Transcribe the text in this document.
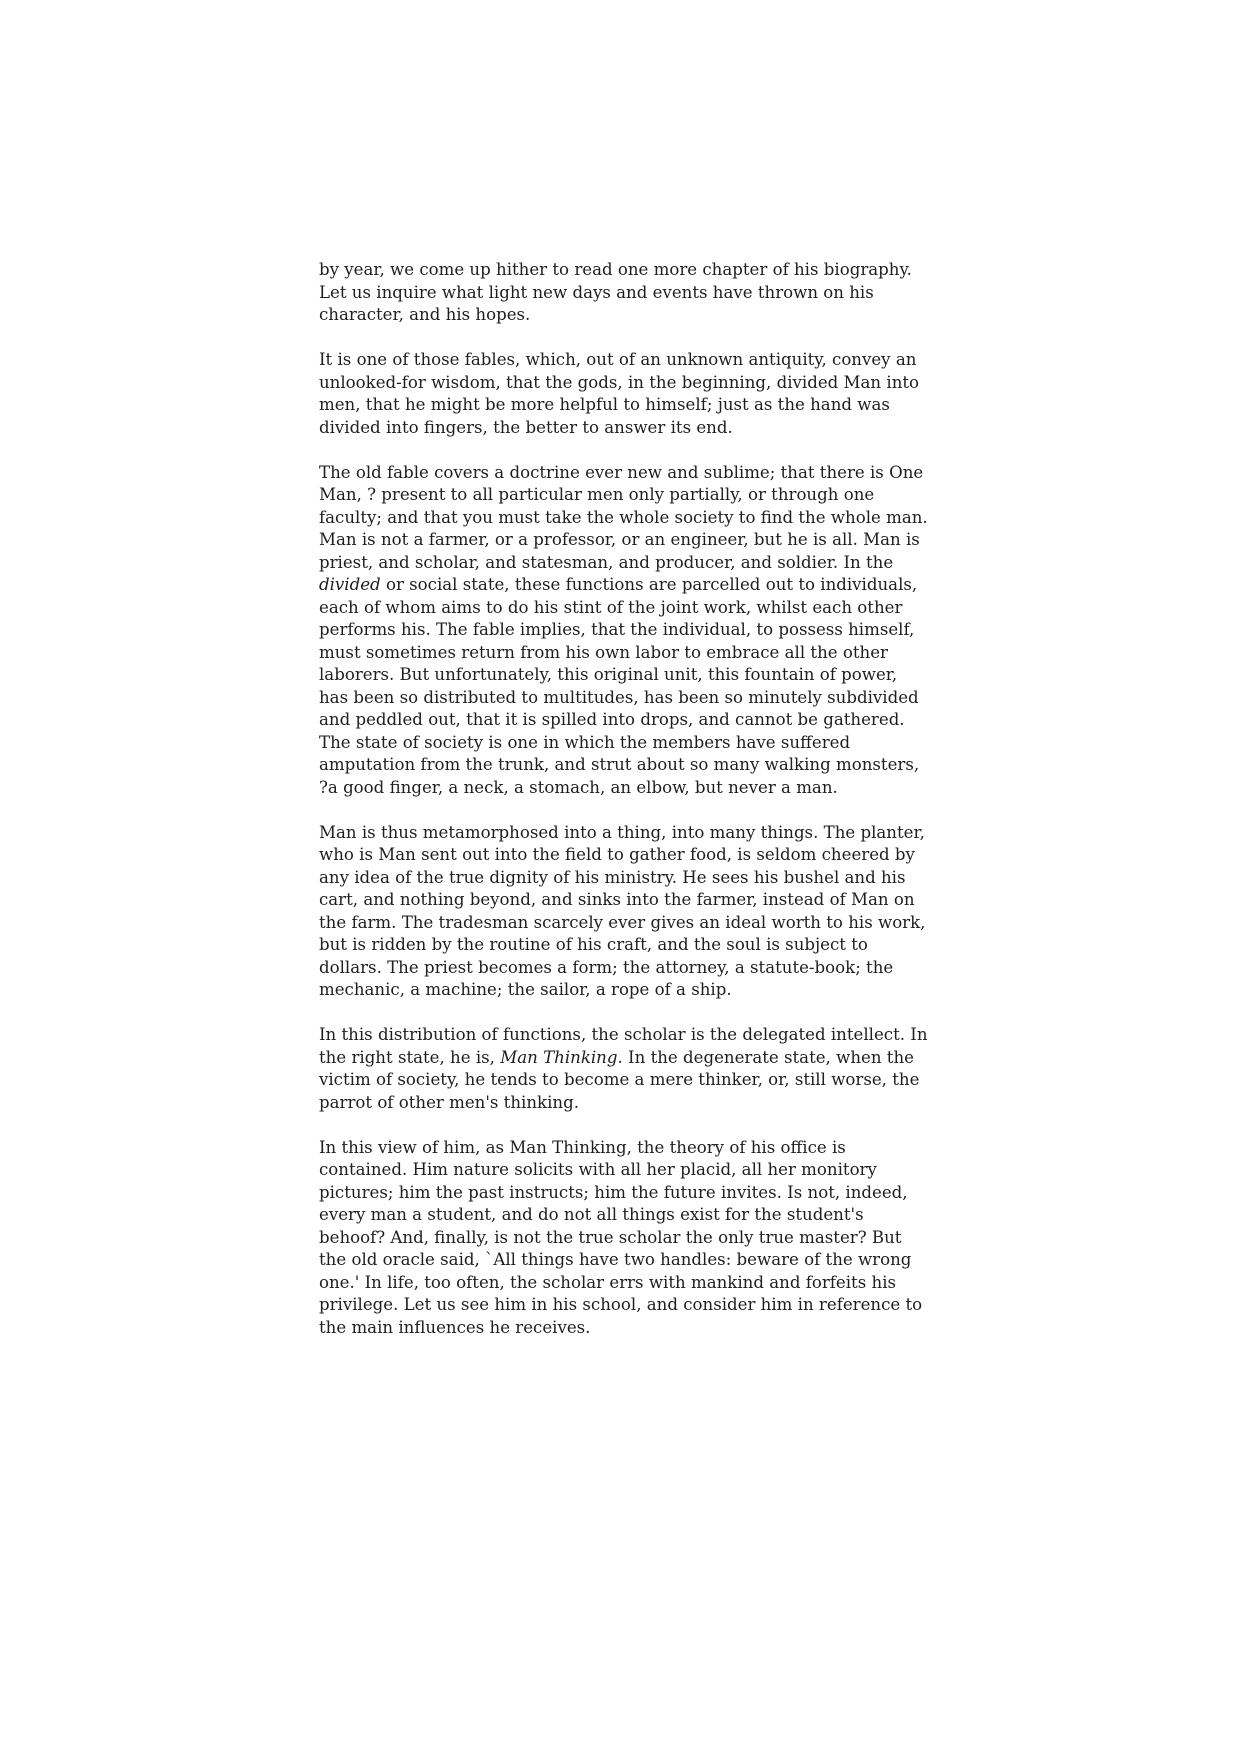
by year, we come up hither to read one more chapter of his biography. Let us inquire what light new days and events have thrown on his character, and his hopes.

It is one of those fables, which, out of an unknown antiquity, convey an unlooked-for wisdom, that the gods, in the beginning, divided Man into men, that he might be more helpful to himself; just as the hand was divided into fingers, the better to answer its end.

The old fable covers a doctrine ever new and sublime; that there is One Man, ? present to all particular men only partially, or through one faculty; and that you must take the whole society to find the whole man. Man is not a farmer, or a professor, or an engineer, but he is all. Man is priest, and scholar, and statesman, and producer, and soldier. In the divided or social state, these functions are parcelled out to individuals, each of whom aims to do his stint of the joint work, whilst each other performs his. The fable implies, that the individual, to possess himself, must sometimes return from his own labor to embrace all the other laborers. But unfortunately, this original unit, this fountain of power, has been so distributed to multitudes, has been so minutely subdivided and peddled out, that it is spilled into drops, and cannot be gathered. The state of society is one in which the members have suffered amputation from the trunk, and strut about so many walking monsters, ?a good finger, a neck, a stomach, an elbow, but never a man.

Man is thus metamorphosed into a thing, into many things. The planter, who is Man sent out into the field to gather food, is seldom cheered by any idea of the true dignity of his ministry. He sees his bushel and his cart, and nothing beyond, and sinks into the farmer, instead of Man on the farm. The tradesman scarcely ever gives an ideal worth to his work, but is ridden by the routine of his craft, and the soul is subject to dollars. The priest becomes a form; the attorney, a statute-book; the mechanic, a machine; the sailor, a rope of a ship.

In this distribution of functions, the scholar is the delegated intellect. In the right state, he is, Man Thinking. In the degenerate state, when the victim of society, he tends to become a mere thinker, or, still worse, the parrot of other men's thinking.

In this view of him, as Man Thinking, the theory of his office is contained. Him nature solicits with all her placid, all her monitory pictures; him the past instructs; him the future invites. Is not, indeed, every man a student, and do not all things exist for the student's behoof? And, finally, is not the true scholar the only true master? But the old oracle said, `All things have two handles: beware of the wrong one.' In life, too often, the scholar errs with mankind and forfeits his privilege. Let us see him in his school, and consider him in reference to the main influences he receives.
